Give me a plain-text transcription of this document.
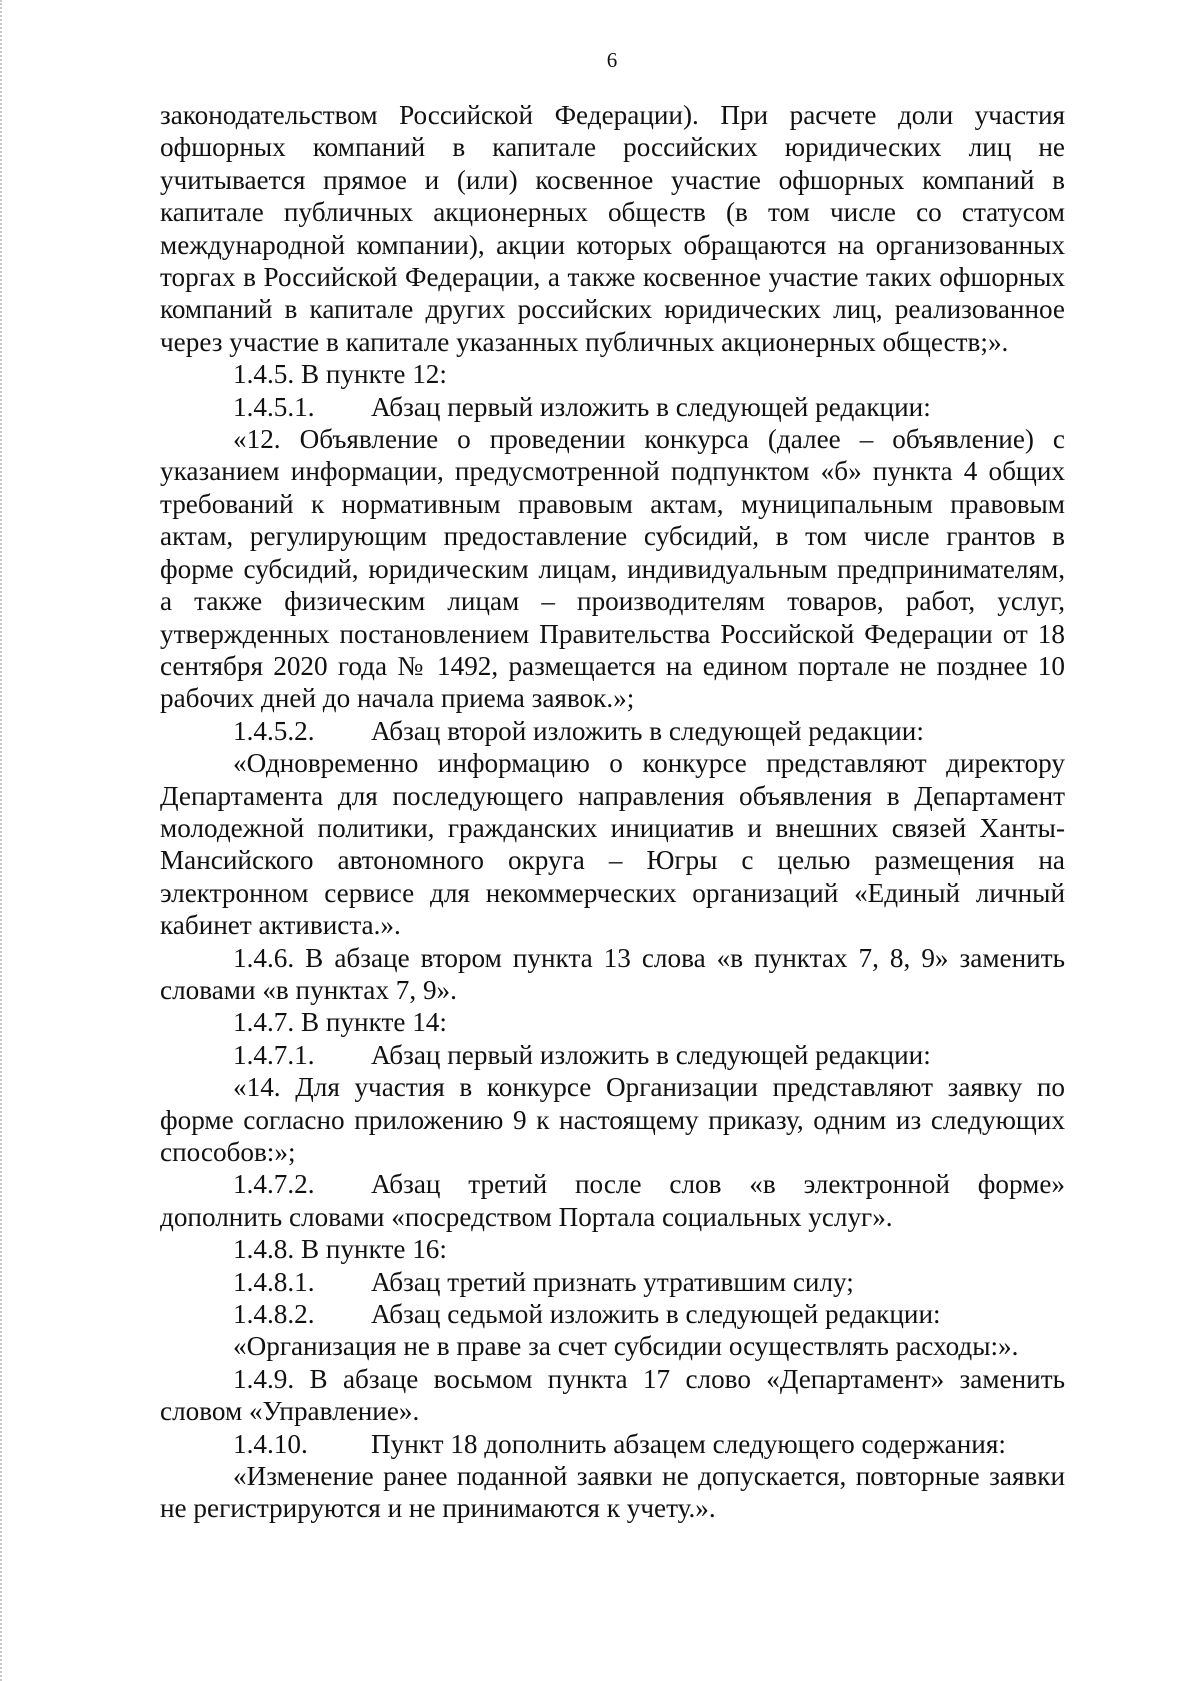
6

законодательством Российской Федерации). При расчете доли участия офшорных компаний в капитале российских юридических лиц не учитывается прямое и (или) косвенное участие офшорных компаний в капитале публичных акционерных обществ (в том числе со статусом международной компании), акции которых обращаются на организованных торгах в Российской Федерации, а также косвенное участие таких офшорных компаний в капитале других российских юридических лиц, реализованное через участие в капитале указанных публичных акционерных обществ;».

1.4.5. В пункте 12:

1.4.5.1. Абзац первый изложить в следующей редакции:

«12. Объявление о проведении конкурса (далее – объявление) с указанием информации, предусмотренной подпунктом «б» пункта 4 общих требований к нормативным правовым актам, муниципальным правовым актам, регулирующим предоставление субсидий, в том числе грантов в форме субсидий, юридическим лицам, индивидуальным предпринимателям, а также физическим лицам – производителям товаров, работ, услуг, утвержденных постановлением Правительства Российской Федерации от 18 сентября 2020 года № 1492, размещается на едином портале не позднее 10 рабочих дней до начала приема заявок.»;

1.4.5.2. Абзац второй изложить в следующей редакции:

«Одновременно информацию о конкурсе представляют директору Департамента для последующего направления объявления в Департамент молодежной политики, гражданских инициатив и внешних связей Ханты-Мансийского автономного округа – Югры с целью размещения на электронном сервисе для некоммерческих организаций «Единый личный кабинет активиста.».

1.4.6. В абзаце втором пункта 13 слова «в пунктах 7, 8, 9» заменить словами «в пунктах 7, 9».

1.4.7. В пункте 14:

1.4.7.1. Абзац первый изложить в следующей редакции:

«14. Для участия в конкурсе Организации представляют заявку по форме согласно приложению 9 к настоящему приказу, одним из следующих способов:»;

1.4.7.2. Абзац третий после слов «в электронной форме» дополнить словами «посредством Портала социальных услуг».

1.4.8. В пункте 16:

1.4.8.1. Абзац третий признать утратившим силу;

1.4.8.2. Абзац седьмой изложить в следующей редакции:

«Организация не в праве за счет субсидии осуществлять расходы:».

1.4.9. В абзаце восьмом пункта 17 слово «Департамент» заменить словом «Управление».

1.4.10. Пункт 18 дополнить абзацем следующего содержания:

«Изменение ранее поданной заявки не допускается, повторные заявки не регистрируются и не принимаются к учету.».
